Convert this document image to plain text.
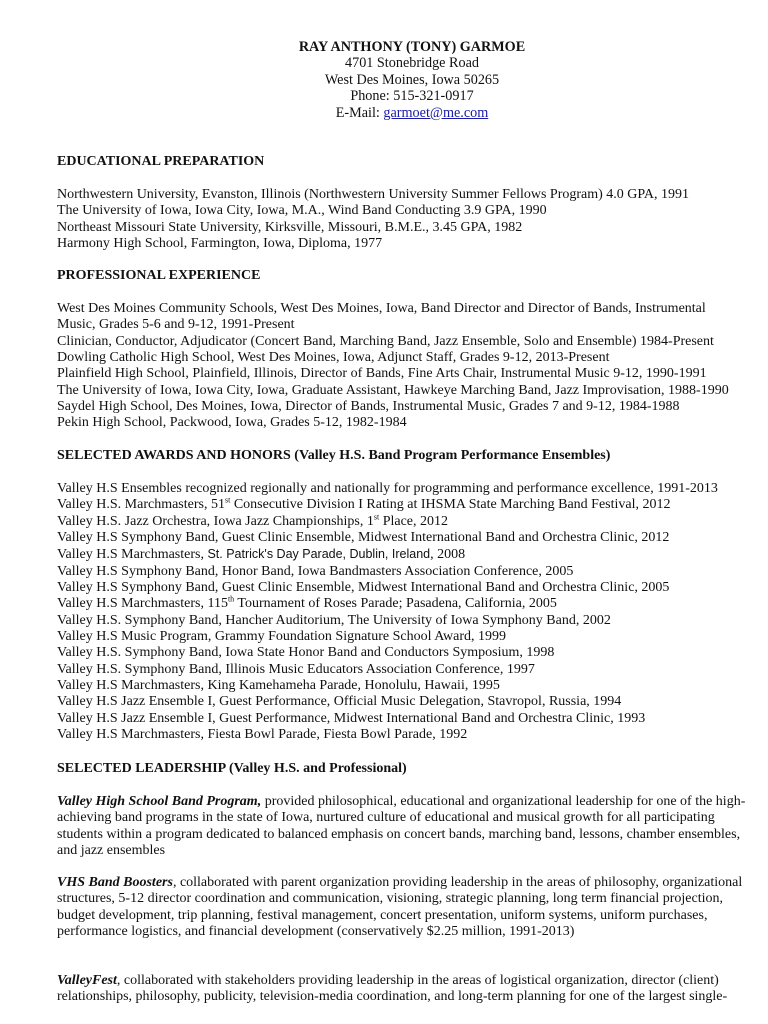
RAY ANTHONY (TONY) GARMOE
4701 Stonebridge Road
West Des Moines, Iowa 50265
Phone: 515-321-0917
E-Mail: garmoet@me.com
EDUCATIONAL PREPARATION
Northwestern University, Evanston, Illinois (Northwestern University Summer Fellows Program) 4.0 GPA, 1991
The University of Iowa, Iowa City, Iowa, M.A., Wind Band Conducting 3.9 GPA, 1990
Northeast Missouri State University, Kirksville, Missouri, B.M.E., 3.45 GPA, 1982
Harmony High School, Farmington, Iowa, Diploma, 1977
PROFESSIONAL EXPERIENCE
West Des Moines Community Schools, West Des Moines, Iowa, Band Director and Director of Bands, Instrumental
Music, Grades 5-6 and 9-12, 1991-Present
Clinician, Conductor, Adjudicator (Concert Band, Marching Band, Jazz Ensemble, Solo and Ensemble) 1984-Present
Dowling Catholic High School, West Des Moines, Iowa, Adjunct Staff, Grades 9-12, 2013-Present
Plainfield High School, Plainfield, Illinois, Director of Bands, Fine Arts Chair, Instrumental Music 9-12, 1990-1991
The University of Iowa, Iowa City, Iowa, Graduate Assistant, Hawkeye Marching Band, Jazz Improvisation, 1988-1990
Saydel High School, Des Moines, Iowa, Director of Bands, Instrumental Music, Grades 7 and 9-12, 1984-1988
Pekin High School, Packwood, Iowa, Grades 5-12, 1982-1984
SELECTED AWARDS AND HONORS (Valley H.S. Band Program Performance Ensembles)
Valley H.S Ensembles recognized regionally and nationally for programming and performance excellence, 1991-2013
Valley H.S. Marchmasters, 51st Consecutive Division I Rating at IHSMA State Marching Band Festival, 2012
Valley H.S. Jazz Orchestra, Iowa Jazz Championships, 1st Place, 2012
Valley H.S Symphony Band, Guest Clinic Ensemble, Midwest International Band and Orchestra Clinic, 2012
Valley H.S Marchmasters, St. Patrick's Day Parade, Dublin, Ireland, 2008
Valley H.S Symphony Band, Honor Band, Iowa Bandmasters Association Conference, 2005
Valley H.S Symphony Band, Guest Clinic Ensemble, Midwest International Band and Orchestra Clinic, 2005
Valley H.S Marchmasters, 115th Tournament of Roses Parade; Pasadena, California, 2005
Valley H.S. Symphony Band, Hancher Auditorium, The University of Iowa Symphony Band, 2002
Valley H.S Music Program, Grammy Foundation Signature School Award, 1999
Valley H.S. Symphony Band, Iowa State Honor Band and Conductors Symposium, 1998
Valley H.S. Symphony Band, Illinois Music Educators Association Conference, 1997
Valley H.S Marchmasters, King Kamehameha Parade, Honolulu, Hawaii, 1995
Valley H.S Jazz Ensemble I, Guest Performance, Official Music Delegation, Stavropol, Russia, 1994
Valley H.S Jazz Ensemble I, Guest Performance, Midwest International Band and Orchestra Clinic, 1993
Valley H.S Marchmasters, Fiesta Bowl Parade, Fiesta Bowl Parade, 1992
SELECTED LEADERSHIP (Valley H.S. and Professional)
Valley High School Band Program, provided philosophical, educational and organizational leadership for one of the high-achieving band programs in the state of Iowa, nurtured culture of educational and musical growth for all participating students within a program dedicated to balanced emphasis on concert bands, marching band, lessons, chamber ensembles, and jazz ensembles
VHS Band Boosters, collaborated with parent organization providing leadership in the areas of philosophy, organizational structures, 5-12 director coordination and communication, visioning, strategic planning, long term financial projection, budget development, trip planning, festival management, concert presentation, uniform systems, uniform purchases, performance logistics, and financial development (conservatively $2.25 million, 1991-2013)
ValleyFest, collaborated with stakeholders providing leadership in the areas of logistical organization, director (client) relationships, philosophy, publicity, television-media coordination, and long-term planning for one of the largest single-
